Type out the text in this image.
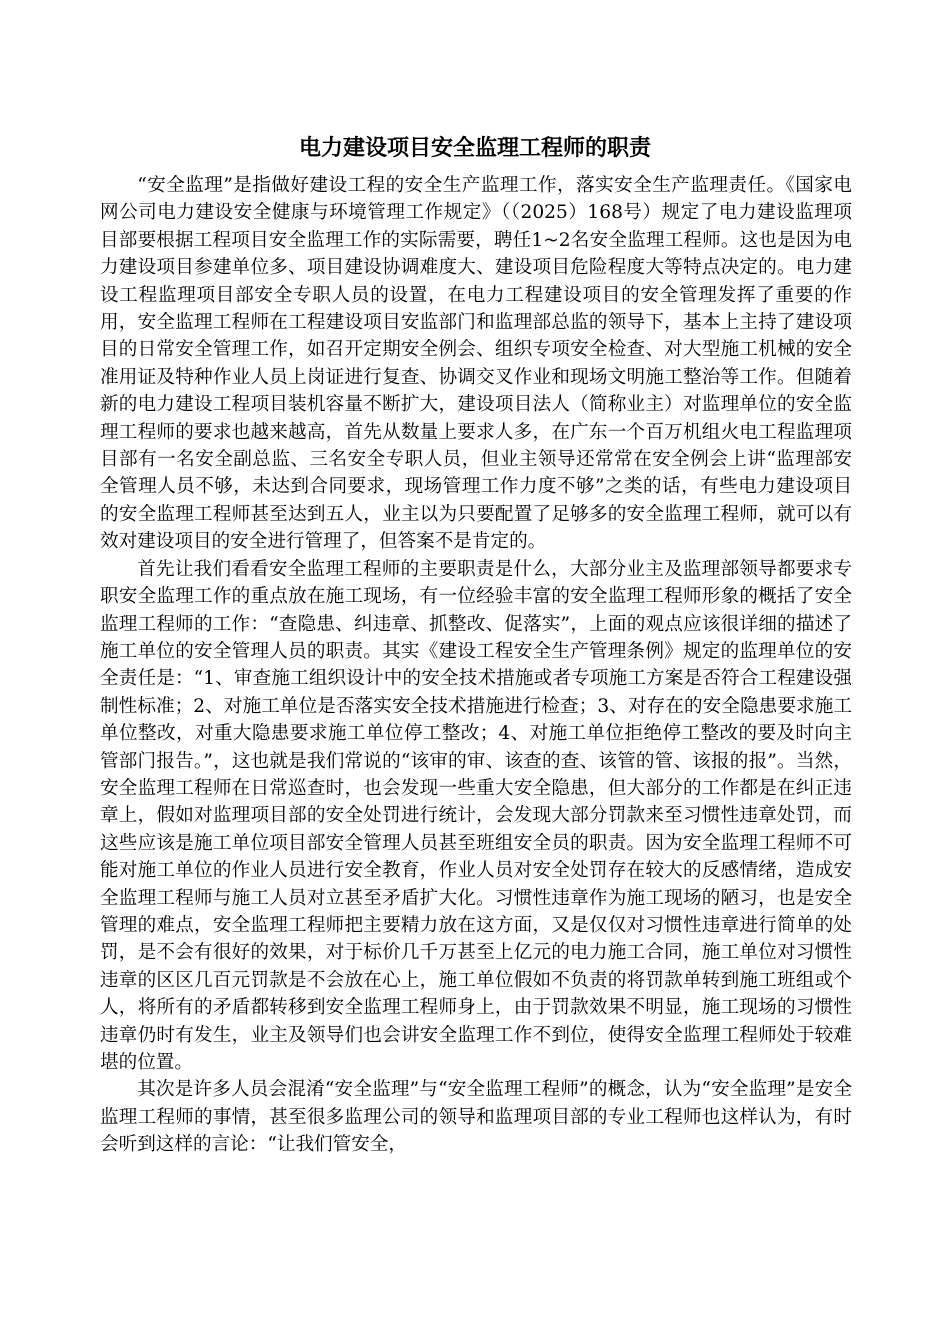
电力建设项目安全监理工程师的职责

“安全监理”是指做好建设工程的安全生产监理工作，落实安全生产监理责任。《国家电网公司电力建设安全健康与环境管理工作规定》（（2025）168号）规定了电力建设监理项目部要根据工程项目安全监理工作的实际需要，聘任1~2名安全监理工程师。这也是因为电力建设项目参建单位多、项目建设协调难度大、建设项目危险程度大等特点决定的。电力建设工程监理项目部安全专职人员的设置，在电力工程建设项目的安全管理发挥了重要的作用，安全监理工程师在工程建设项目安监部门和监理部总监的领导下，基本上主持了建设项目的日常安全管理工作，如召开定期安全例会、组织专项安全检查、对大型施工机械的安全准用证及特种作业人员上岗证进行复查、协调交叉作业和现场文明施工整治等工作。但随着新的电力建设工程项目装机容量不断扩大，建设项目法人（简称业主）对监理单位的安全监理工程师的要求也越来越高，首先从数量上要求人多，在广东一个百万机组火电工程监理项目部有一名安全副总监、三名安全专职人员，但业主领导还常常在安全例会上讲“监理部安全管理人员不够，未达到合同要求，现场管理工作力度不够”之类的话，有些电力建设项目的安全监理工程师甚至达到五人，业主以为只要配置了足够多的安全监理工程师，就可以有效对建设项目的安全进行管理了，但答案不是肯定的。

首先让我们看看安全监理工程师的主要职责是什么，大部分业主及监理部领导都要求专职安全监理工作的重点放在施工现场，有一位经验丰富的安全监理工程师形象的概括了安全监理工程师的工作：“查隐患、纠违章、抓整改、促落实”，上面的观点应该很详细的描述了施工单位的安全管理人员的职责。其实《建设工程安全生产管理条例》规定的监理单位的安全责任是：“1、审查施工组织设计中的安全技术措施或者专项施工方案是否符合工程建设强制性标准；2、对施工单位是否落实安全技术措施进行检查；3、对存在的安全隐患要求施工单位整改，对重大隐患要求施工单位停工整改；4、对施工单位拒绝停工整改的要及时向主管部门报告。”，这也就是我们常说的“该审的审、该查的查、该管的管、该报的报”。当然，安全监理工程师在日常巡查时，也会发现一些重大安全隐患，但大部分的工作都是在纠正违章上，假如对监理项目部的安全处罚进行统计，会发现大部分罚款来至习惯性违章处罚，而这些应该是施工单位项目部安全管理人员甚至班组安全员的职责。因为安全监理工程师不可能对施工单位的作业人员进行安全教育，作业人员对安全处罚存在较大的反感情绪，造成安全监理工程师与施工人员对立甚至矛盾扩大化。习惯性违章作为施工现场的陋习，也是安全管理的难点，安全监理工程师把主要精力放在这方面，又是仅仅对习惯性违章进行简单的处罚，是不会有很好的效果，对于标价几千万甚至上亿元的电力施工合同，施工单位对习惯性违章的区区几百元罚款是不会放在心上，施工单位假如不负责的将罚款单转到施工班组或个人，将所有的矛盾都转移到安全监理工程师身上，由于罚款效果不明显，施工现场的习惯性违章仍时有发生，业主及领导们也会讲安全监理工作不到位，使得安全监理工程师处于较难堪的位置。

其次是许多人员会混淆“安全监理”与“安全监理工程师”的概念，认为“安全监理”是安全监理工程师的事情，甚至很多监理公司的领导和监理项目部的专业工程师也这样认为，有时会听到这样的言论：“让我们管安全，
